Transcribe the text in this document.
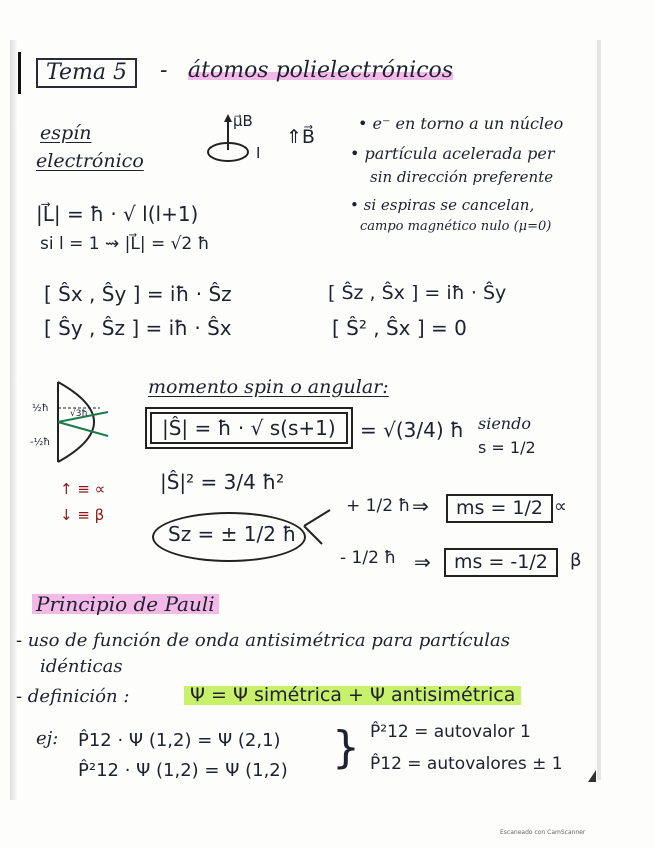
Tema 5	- átomos polielectrónicos
espín
electrónico
μ⃗B
I
⇑B⃗
• e⁻ en torno a un núcleo
• partícula acelerada per
sin dirección preferente
• si espiras se cancelan,
campo magnético nulo (μ=0)
|L⃗| = ħ · √ l(l+1)
si l = 1 ⇝ |L⃗| = √2 ħ
[ Ŝx , Ŝy ] = iħ · Ŝz	[ Ŝz , Ŝx ] = iħ · Ŝy
[ Ŝy , Ŝz ] = iħ · Ŝx	[ Ŝ² , Ŝx ] = 0
momento spin o angular:
|Ŝ| = ħ · √ s(s+1)	= √(3/4) ħ siendo
s = 1/2
½ħ √3ħ
-½ħ
↑ ≡ ∝
↓ ≡ β
|Ŝ|² = 3/4 ħ²
Sz = ± 1/2 ħ
+ 1/2 ħ ⇒	ms = 1/2 ∝
- 1/2 ħ ⇒	ms = -1/2	β
Principio de Pauli
- uso de función de onda antisimétrica para partículas
idénticas
- definición :	Ψ = Ψ simétrica + Ψ antisimétrica
ej: P̂12 · Ψ (1,2) = Ψ (2,1)
P̂²12 · Ψ (1,2) = Ψ (1,2) } P̂²12 = autovalor 1
P̂12 = autovalores ± 1
Escaneado con CamScanner
